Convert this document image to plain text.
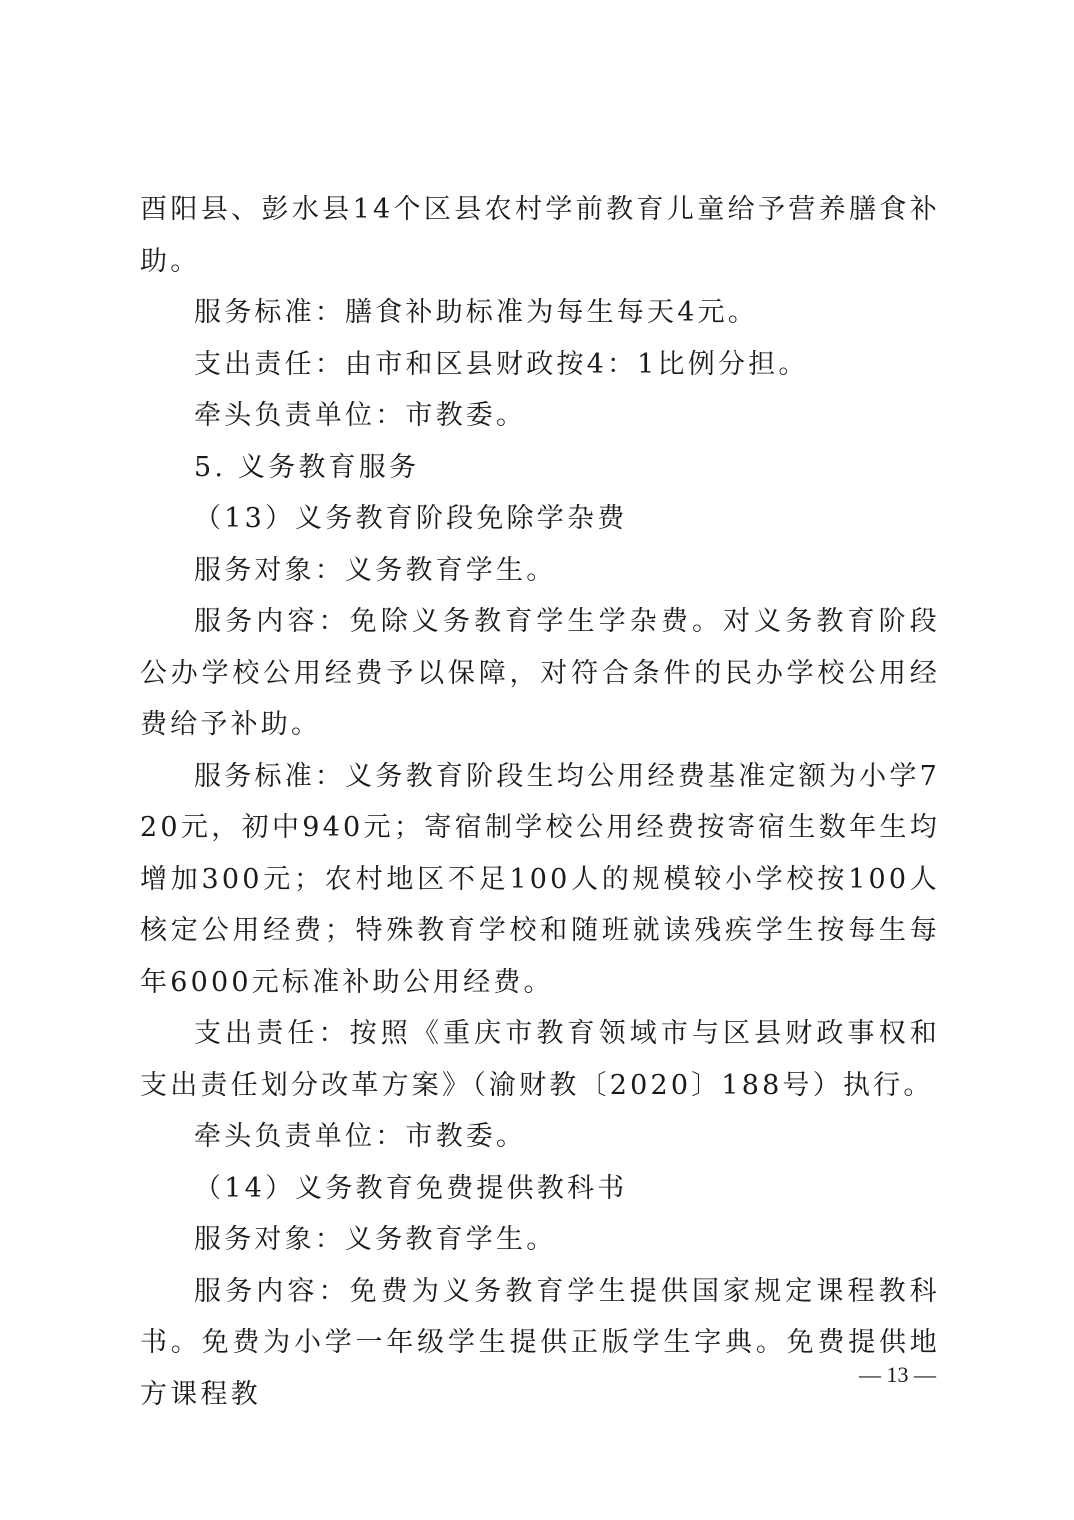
酉阳县、彭水县14个区县农村学前教育儿童给予营养膳食补助。

服务标准：膳食补助标准为每生每天4元。

支出责任：由市和区县财政按4：1比例分担。

牵头负责单位：市教委。

5. 义务教育服务

（13）义务教育阶段免除学杂费

服务对象：义务教育学生。

服务内容：免除义务教育学生学杂费。对义务教育阶段公办学校公用经费予以保障，对符合条件的民办学校公用经费给予补助。

服务标准：义务教育阶段生均公用经费基准定额为小学720元，初中940元；寄宿制学校公用经费按寄宿生数年生均增加300元；农村地区不足100人的规模较小学校按100人核定公用经费；特殊教育学校和随班就读残疾学生按每生每年6000元标准补助公用经费。

支出责任：按照《重庆市教育领域市与区县财政事权和支出责任划分改革方案》（渝财教〔2020〕188号）执行。

牵头负责单位：市教委。

（14）义务教育免费提供教科书

服务对象：义务教育学生。

服务内容：免费为义务教育学生提供国家规定课程教科书。免费为小学一年级学生提供正版学生字典。免费提供地方课程教

— 13 —
